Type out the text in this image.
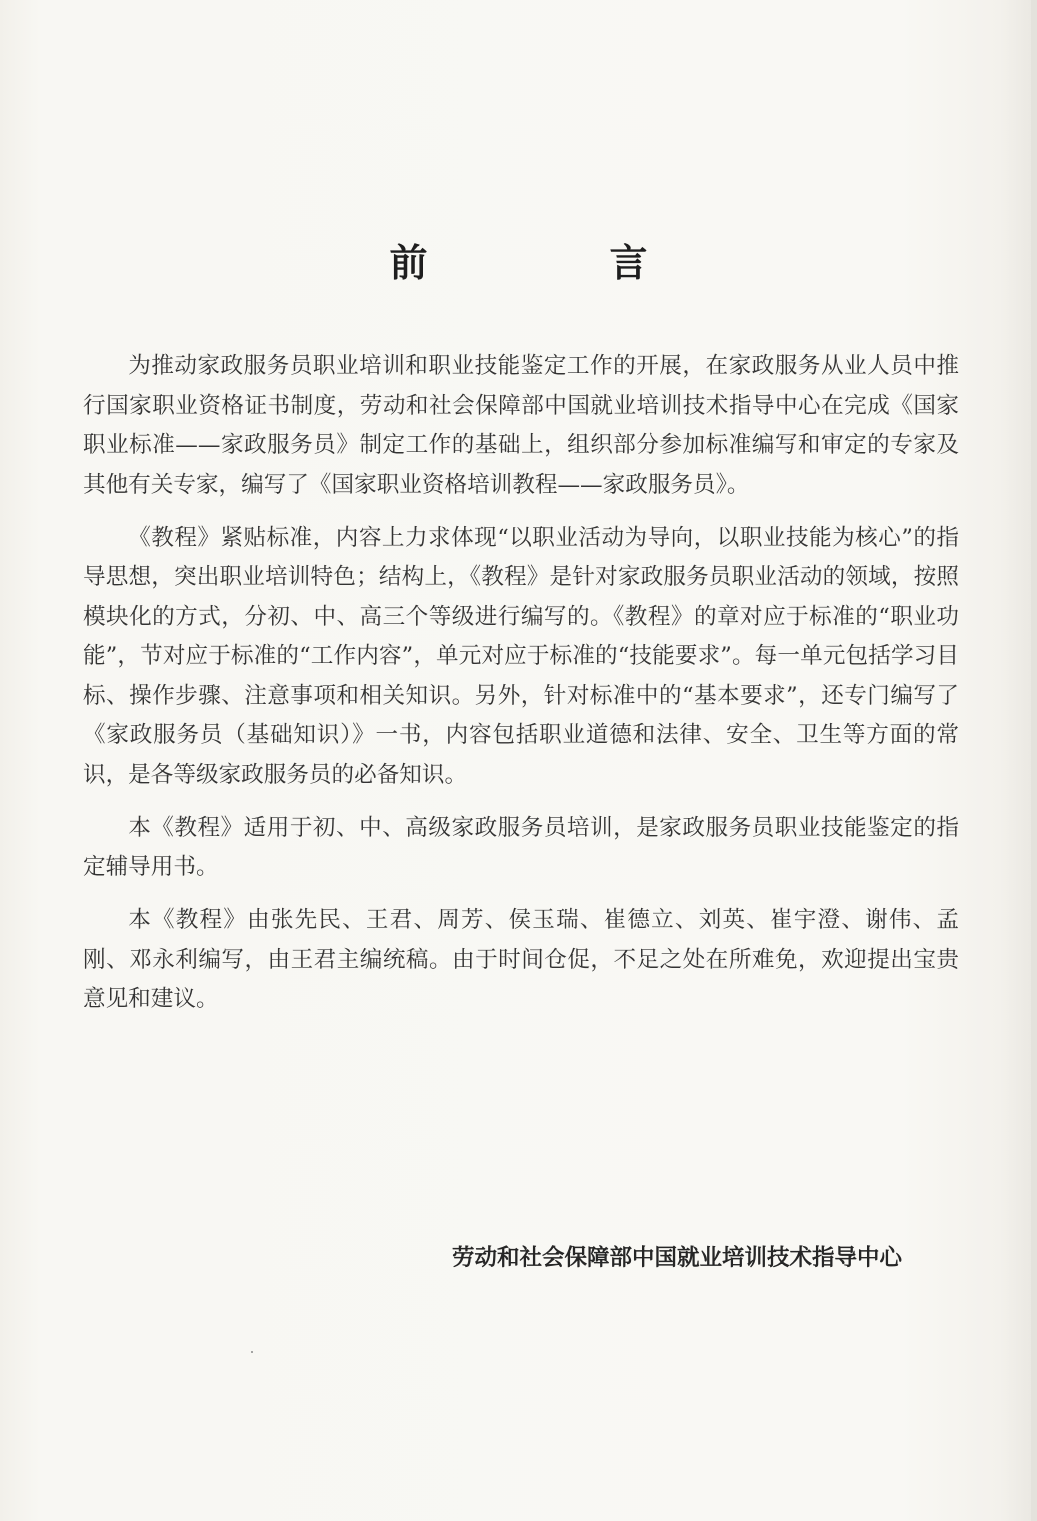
前　言

为推动家政服务员职业培训和职业技能鉴定工作的开展，在家政服务从业人员中推行国家职业资格证书制度，劳动和社会保障部中国就业培训技术指导中心在完成《国家职业标准——家政服务员》制定工作的基础上，组织部分参加标准编写和审定的专家及其他有关专家，编写了《国家职业资格培训教程——家政服务员》。

《教程》紧贴标准，内容上力求体现“以职业活动为导向，以职业技能为核心”的指导思想，突出职业培训特色；结构上，《教程》是针对家政服务员职业活动的领域，按照模块化的方式，分初、中、高三个等级进行编写的。《教程》的章对应于标准的“职业功能”，节对应于标准的“工作内容”，单元对应于标准的“技能要求”。每一单元包括学习目标、操作步骤、注意事项和相关知识。另外，针对标准中的“基本要求”，还专门编写了《家政服务员（基础知识）》一书，内容包括职业道德和法律、安全、卫生等方面的常识，是各等级家政服务员的必备知识。

本《教程》适用于初、中、高级家政服务员培训，是家政服务员职业技能鉴定的指定辅导用书。

本《教程》由张先民、王君、周芳、侯玉瑞、崔德立、刘英、崔宇澄、谢伟、孟刚、邓永利编写，由王君主编统稿。由于时间仓促，不足之处在所难免，欢迎提出宝贵意见和建议。

劳动和社会保障部中国就业培训技术指导中心
